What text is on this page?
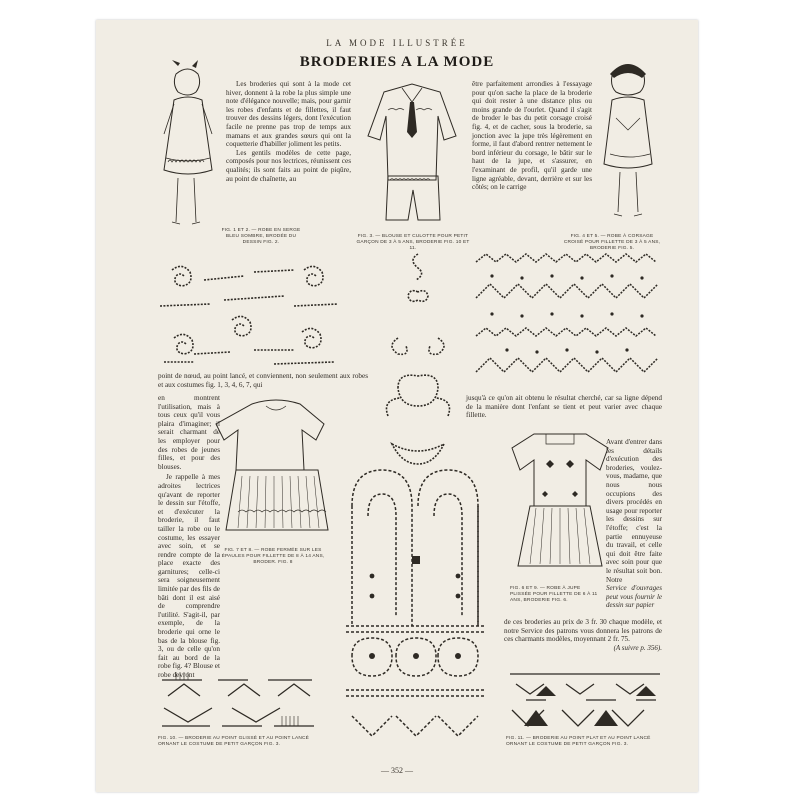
LA MODE ILLUSTRÉE
BRODERIES A LA MODE

Les broderies qui sont à la mode cet hiver, donnent à la robe la plus simple une note d'élégance nouvelle; mais, pour garnir les robes d'enfants et de fillettes, il faut trouver des dessins légers, dont l'exécution facile ne prenne pas trop de temps aux mamans et aux grandes sœurs qui ont la coquetterie d'habiller joliment les petits.

Les gentils modèles de cette page, composés pour nos lectrices, réunissent ces qualités; ils sont faits au point de piqûre, au point de chaînette, au

FIG. 1 ET 2. — ROBE EN SERGE BLEU SOMBRE, BRODÉE DU DESSIN FIG. 2.
FIG. 3. — BLOUSE ET CULOTTE POUR PETIT GARÇON DE 3 À 5 ANS, BRODERIE FIG. 10 ET 11.

être parfaitement arrondies à l'essayage pour qu'on sache la place de la broderie qui doit rester à une distance plus ou moins grande de l'ourlet. Quand il s'agit de broder le bas du petit corsage croisé fig. 4, et de cacher, sous la broderie, sa jonction avec la jupe très légèrement en forme, il faut d'abord rentrer nettement le bord inférieur du corsage, le bâtir sur le haut de la jupe, et s'assurer, en l'examinant de profil, qu'il garde une ligne agréable, devant, derrière et sur les côtés; on le carrige

FIG. 4 ET 5. — ROBE À CORSAGE CROISÉ POUR FILLETTE DE 3 À 5 ANS, BRODERIE FIG. 5.

point de nœud, au point lancé, et conviennent, non seulement aux robes et aux costumes fig. 1, 3, 4, 6, 7, qui

en montrent l'utilisation, mais à tous ceux qu'il vous plaira d'imaginer; il serait charmant de les employer pour des robes de jeunes filles, et pour des blouses.

Je rappelle à mes adroites lectrices qu'avant de reporter le dessin sur l'étoffe, et d'exécuter la broderie, il faut tailler la robe ou le costume, les essayer avec soin, et se rendre compte de la place exacte des garnitures; celle-ci sera soigneusement limitée par des fils de bâti dont il est aisé de comprendre l'utilité. S'agit-il, par exemple, de la broderie qui orne le bas de la blouse fig. 3, ou de celle qu'on fait au bord de la robe fig. 4? Blouse et robe devront

FIG. 7 ET 8. — ROBE FERMÉE SUR LES ÉPAULES POUR FILLETTE DE 8 À 14 ANS, BRODER. FIG. 8

jusqu'à ce qu'on ait obtenu le résultat cherché, car sa ligne dépend de la manière dont l'enfant se tient et peut varier avec chaque fillette.

FIG. 6 ET 9. — ROBE À JUPE PLISSÉE POUR FILLETTE DE 6 À 11 ANS, BRODERIE FIG. 6.

Avant d'entrer dans les détails d'exécution des broderies, voulez-vous, madame, que nous nous occupions des divers procédés en usage pour reporter les dessins sur l'étoffe; c'est la partie ennuyeuse du travail, et celle qui doit être faite avec soin pour que le résultat soit bon. Notre

Service d'ouvrages peut vous fournir le dessin sur papier

de ces broderies au prix de 3 fr. 30 chaque modèle, et notre Service des patrons vous donnera les patrons de ces charmants modèles, moyennant 2 fr. 75.

(A suivre p. 356).

FIG. 10. — BRODERIE AU POINT GLISSÉ ET AU POINT LANCÉ ORNANT LE COSTUME DE PETIT GARÇON FIG. 3.
FIG. 11. — BRODERIE AU POINT PLAT ET AU POINT LANCÉ ORNANT LE COSTUME DE PETIT GARÇON FIG. 3.
— 352 —
